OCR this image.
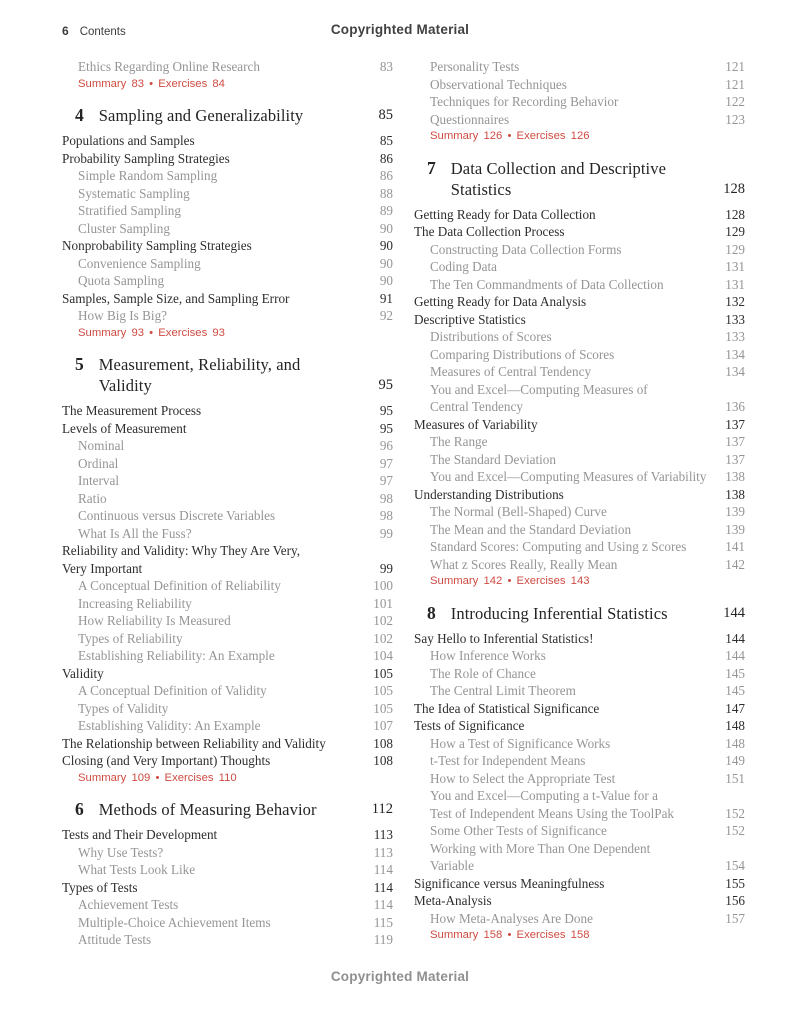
6 Contents	Copyrighted Material
Ethics Regarding Online Research	83
Summary 83 • Exercises 84
4 Sampling and Generalizability	85
Populations and Samples	85
Probability Sampling Strategies	86
Simple Random Sampling	86
Systematic Sampling	88
Stratified Sampling	89
Cluster Sampling	90
Nonprobability Sampling Strategies	90
Convenience Sampling	90
Quota Sampling	90
Samples, Sample Size, and Sampling Error	91
How Big Is Big?	92
Summary 93 • Exercises 93
5 Measurement, Reliability, and
Validity	95
The Measurement Process	95
Levels of Measurement	95
Nominal	96
Ordinal	97
Interval	97
Ratio	98
Continuous versus Discrete Variables	98
What Is All the Fuss?	99
Reliability and Validity: Why They Are Very,
Very Important	99
A Conceptual Definition of Reliability	100
Increasing Reliability	101
How Reliability Is Measured	102
Types of Reliability	102
Establishing Reliability: An Example	104
Validity	105
A Conceptual Definition of Validity	105
Types of Validity	105
Establishing Validity: An Example	107
The Relationship between Reliability and Validity	108
Closing (and Very Important) Thoughts	108
Summary 109 • Exercises 110
6 Methods of Measuring Behavior	112
Tests and Their Development	113
Why Use Tests?	113
What Tests Look Like	114
Types of Tests	114
Achievement Tests	114
Multiple-Choice Achievement Items	115
Attitude Tests	119
Personality Tests	121
Observational Techniques	121
Techniques for Recording Behavior	122
Questionnaires	123
Summary 126 • Exercises 126
7 Data Collection and Descriptive
Statistics	128
Getting Ready for Data Collection	128
The Data Collection Process	129
Constructing Data Collection Forms	129
Coding Data	131
The Ten Commandments of Data Collection	131
Getting Ready for Data Analysis	132
Descriptive Statistics	133
Distributions of Scores	133
Comparing Distributions of Scores	134
Measures of Central Tendency	134
You and Excel—Computing Measures of
Central Tendency	136
Measures of Variability	137
The Range	137
The Standard Deviation	137
You and Excel—Computing Measures of Variability	138
Understanding Distributions	138
The Normal (Bell-Shaped) Curve	139
The Mean and the Standard Deviation	139
Standard Scores: Computing and Using z Scores	141
What z Scores Really, Really Mean	142
Summary 142 • Exercises 143
8 Introducing Inferential Statistics	144
Say Hello to Inferential Statistics!	144
How Inference Works	144
The Role of Chance	145
The Central Limit Theorem	145
The Idea of Statistical Significance	147
Tests of Significance	148
How a Test of Significance Works	148
t-Test for Independent Means	149
How to Select the Appropriate Test	151
You and Excel—Computing a t-Value for a
Test of Independent Means Using the ToolPak	152
Some Other Tests of Significance	152
Working with More Than One Dependent
Variable	154
Significance versus Meaningfulness	155
Meta-Analysis	156
How Meta-Analyses Are Done	157
Summary 158 • Exercises 158
Copyrighted Material
